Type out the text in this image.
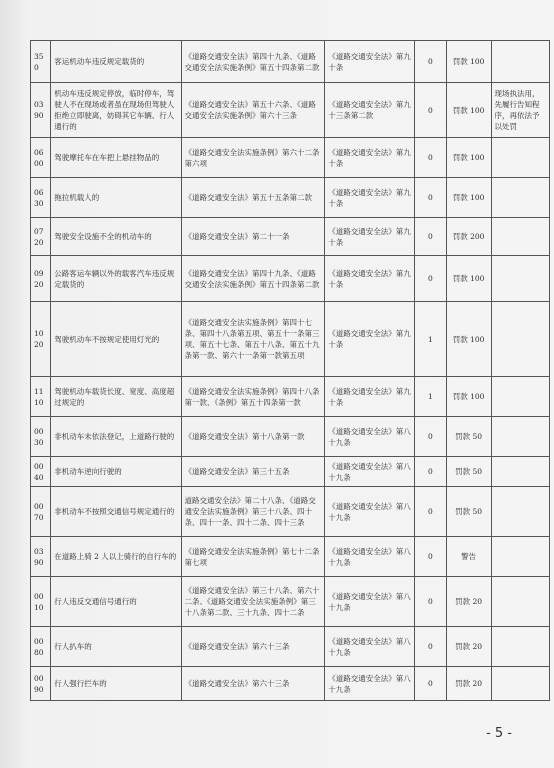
350	客运机动车违反规定载货的	《道路交通安全法》第四十九条、《道路交通安全法实施条例》第五十四条第二款	《道路交通安全法》第九十条	0	罚款 100	
0390	机动车违反规定停放，临时停车，驾驶人不在现场或者虽在现场但驾驶人拒绝立即驶离，妨碍其它车辆、行人通行的	《道路交通安全法》第五十六条、《道路交通安全法实施条例》第六十三条	《道路交通安全法》第九十三条第二款	0	罚款 100	现场执法用，先履行告知程序，再依法予以处罚
0600	驾驶摩托车在车把上悬挂物品的	《道路交通安全法实施条例》第六十二条第六项	《道路交通安全法》第九十条	0	罚款 100	
0630	拖拉机载人的	《道路交通安全法》第五十五条第二款	《道路交通安全法》第九十条	0	罚款 100	
0720	驾驶安全设施不全的机动车的	《道路交通安全法》第二十一条	《道路交通安全法》第九十条	0	罚款 200	
0920	公路客运车辆以外的载客汽车违反规定载货的	《道路交通安全法》第四十九条、《道路交通安全法实施条例》第五十四条第二款	《道路交通安全法》第九十条	0	罚款 100	
1020	驾驶机动车不按规定使用灯光的	《道路交通安全法实施条例》第四十七条、第四十八条第五项、第五十一条第三项、第五十七条、第五十八条、第五十九条第一款、第六十一条第一款第五项	《道路交通安全法》第九十条	1	罚款 100	
1110	驾驶机动车载货长度、宽度、高度超过规定的	《道路交通安全法实施条例》第四十八条第一款、《条例》第五十四条第一款	《道路交通安全法》第九十条	1	罚款 100	
0030	非机动车未依法登记，上道路行驶的	《道路交通安全法》第十八条第一款	《道路交通安全法》第八十九条	0	罚款 50	
0040	非机动车逆向行驶的	《道路交通安全法》第三十五条	《道路交通安全法》第八十九条	0	罚款 50	
0070	非机动车不按照交通信号规定通行的	道路交通安全法》第二十八条、《道路交通安全法实施条例》第三十八条、四十条、四十一条、四十二条、四十三条	《道路交通安全法》第八十九条	0	罚款 50	
0390	在道路上骑 2 人以上骑行的自行车的	《道路交通安全法实施条例》第七十二条第七项	《道路交通安全法》第八十九条	0	警告	
0010	行人违反交通信号通行的	《道路交通安全法》第三十八条、第六十二条、《道路交通安全法实施条例》第三十八条第二款、三十九条、四十二条	《道路交通安全法》第八十九条	0	罚款 20	
0080	行人扒车的	《道路交通安全法》第六十三条	《道路交通安全法》第八十九条	0	罚款 20	
0090	行人强行拦车的	《道路交通安全法》第六十三条	《道路交通安全法》第八十九条	0	罚款 20	
- 5 -
